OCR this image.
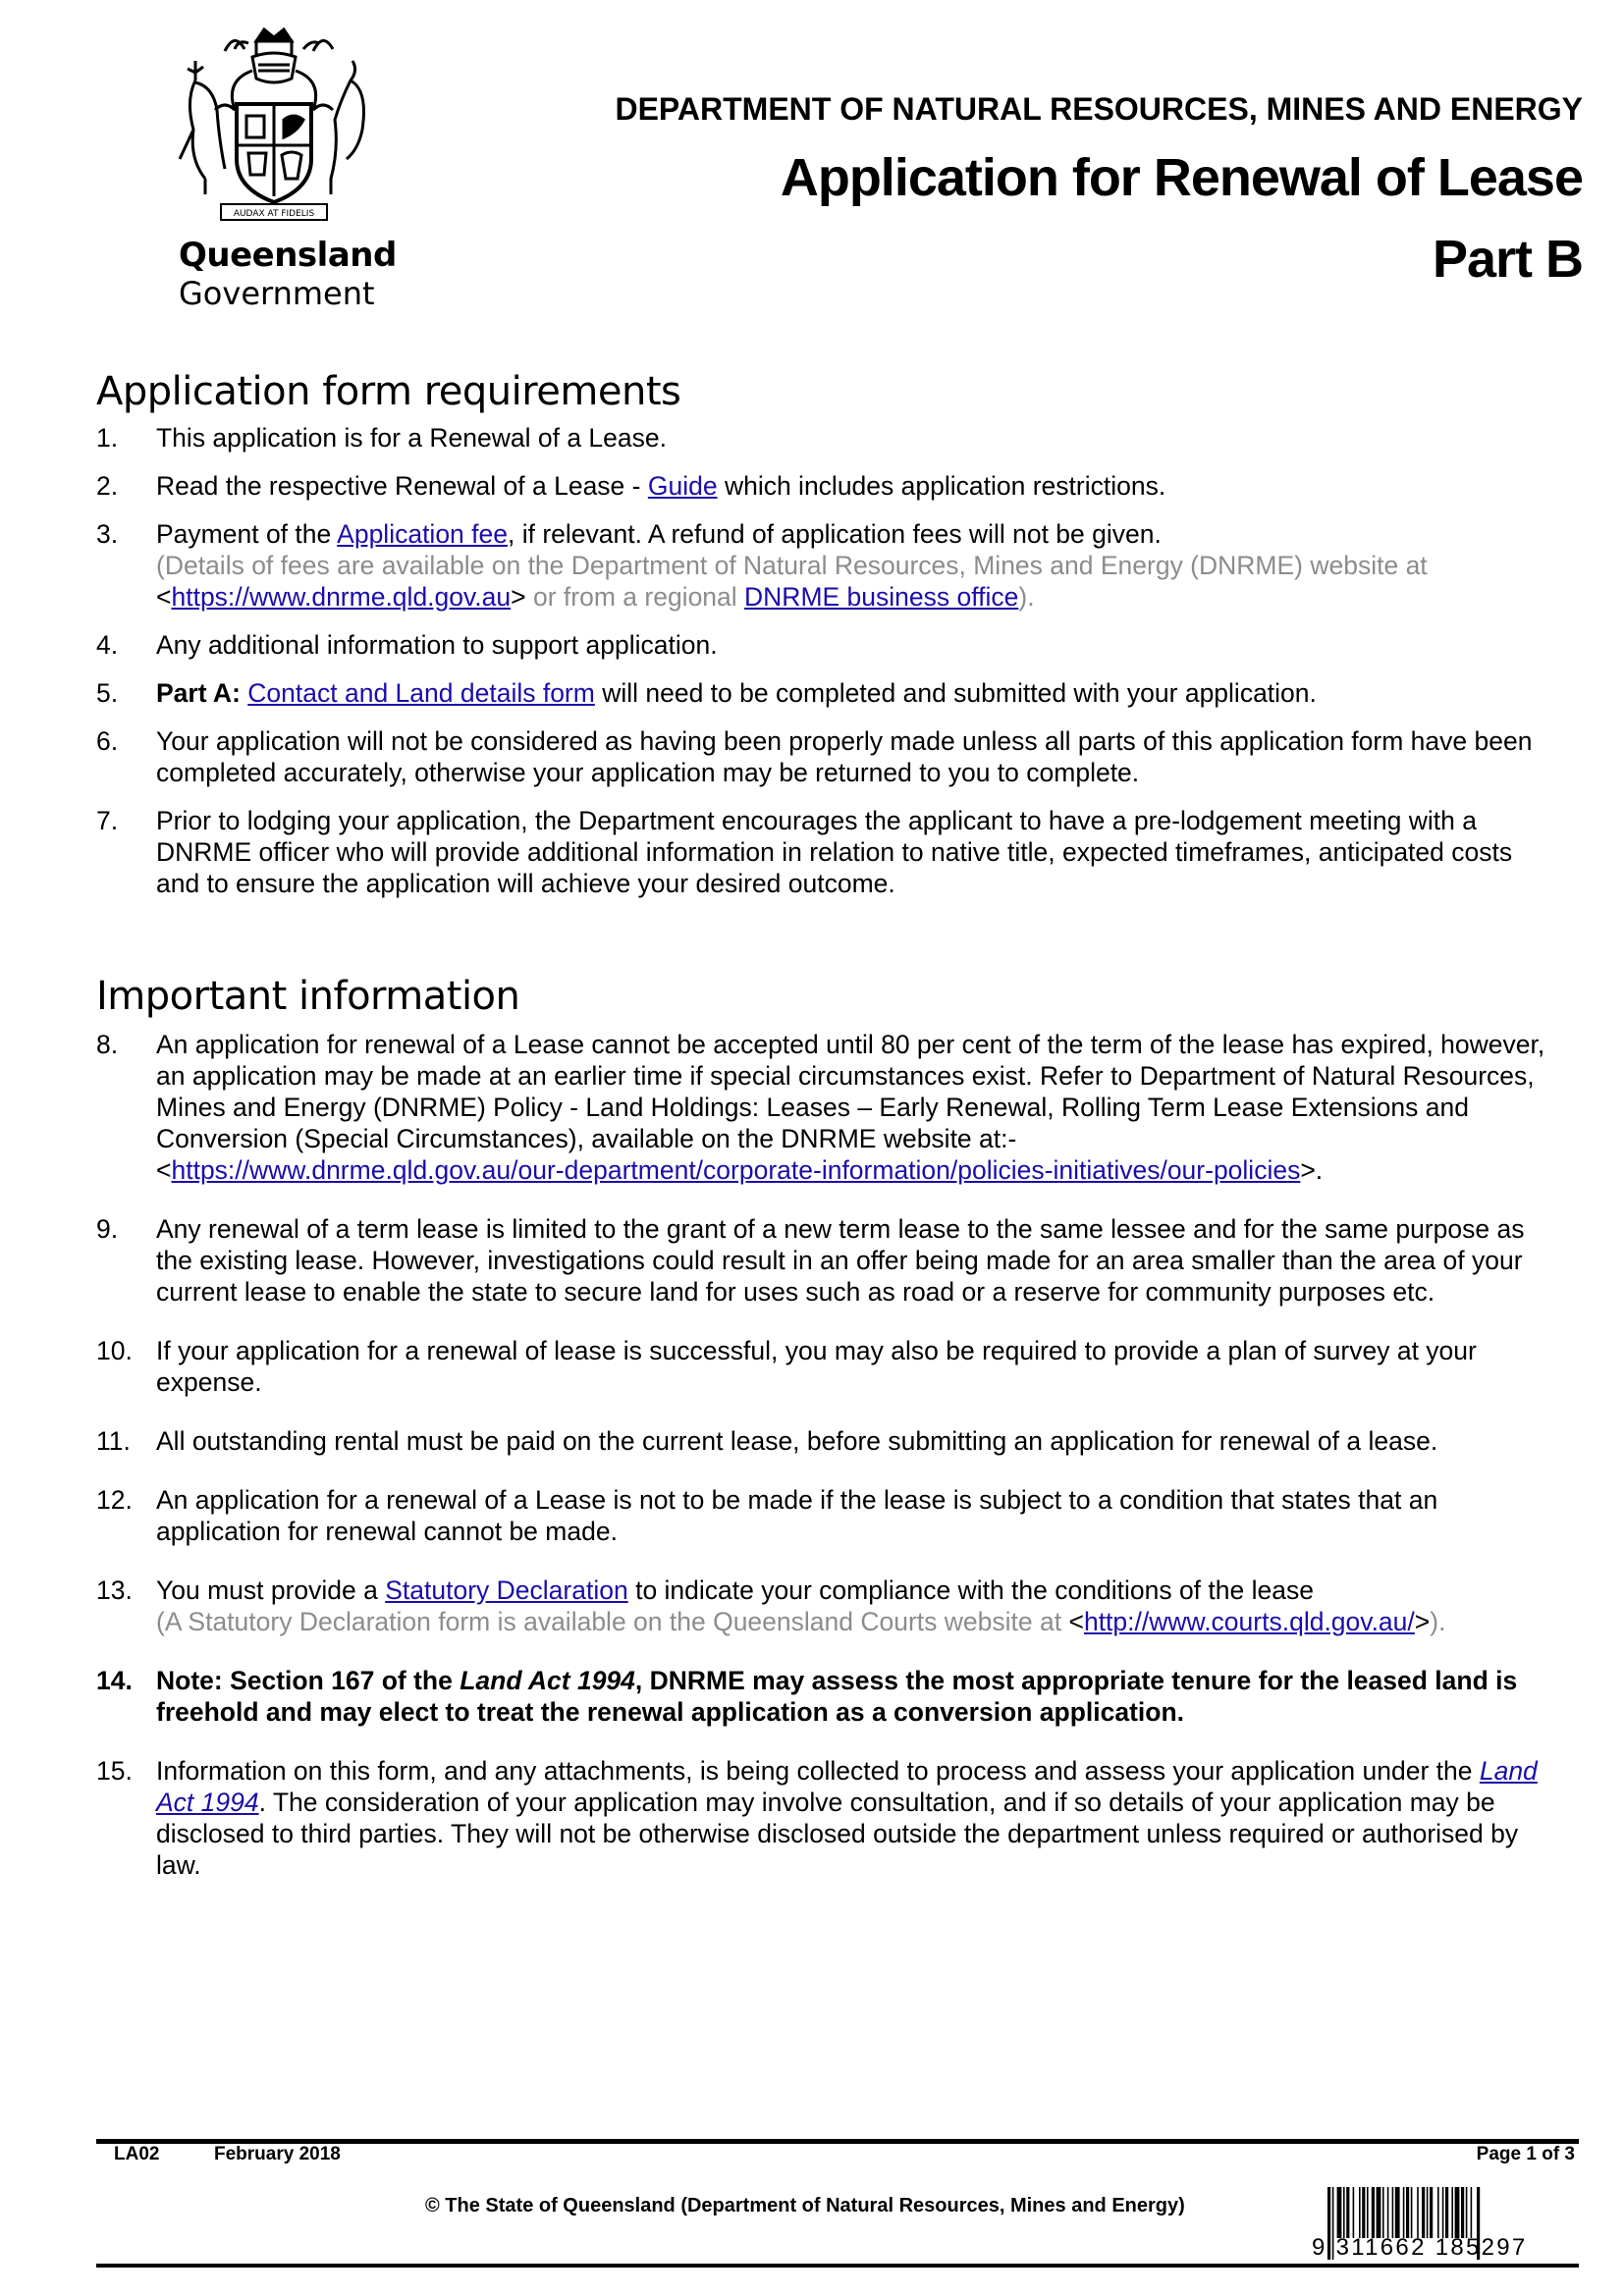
AUDAX AT FIDELIS
Queensland
Government
DEPARTMENT OF NATURAL RESOURCES, MINES AND ENERGY
Application for Renewal of Lease
Part B
Application form requirements
1. This application is for a Renewal of a Lease.
2. Read the respective Renewal of a Lease - Guide which includes application restrictions.
3. Payment of the Application fee, if relevant. A refund of application fees will not be given.
(Details of fees are available on the Department of Natural Resources, Mines and Energy (DNRME) website at
<https://www.dnrme.qld.gov.au> or from a regional DNRME business office).
4. Any additional information to support application.
5. Part A: Contact and Land details form will need to be completed and submitted with your application.
6. Your application will not be considered as having been properly made unless all parts of this application form have been completed accurately, otherwise your application may be returned to you to complete.
7. Prior to lodging your application, the Department encourages the applicant to have a pre-lodgement meeting with a DNRME officer who will provide additional information in relation to native title, expected timeframes, anticipated costs and to ensure the application will achieve your desired outcome.
Important information
8. An application for renewal of a Lease cannot be accepted until 80 per cent of the term of the lease has expired, however, an application may be made at an earlier time if special circumstances exist. Refer to Department of Natural Resources, Mines and Energy (DNRME) Policy - Land Holdings: Leases – Early Renewal, Rolling Term Lease Extensions and Conversion (Special Circumstances), available on the DNRME website at:-
<https://www.dnrme.qld.gov.au/our-department/corporate-information/policies-initiatives/our-policies>.
9. Any renewal of a term lease is limited to the grant of a new term lease to the same lessee and for the same purpose as the existing lease. However, investigations could result in an offer being made for an area smaller than the area of your current lease to enable the state to secure land for uses such as road or a reserve for community purposes etc.
10. If your application for a renewal of lease is successful, you may also be required to provide a plan of survey at your expense.
11. All outstanding rental must be paid on the current lease, before submitting an application for renewal of a lease.
12. An application for a renewal of a Lease is not to be made if the lease is subject to a condition that states that an application for renewal cannot be made.
13. You must provide a Statutory Declaration to indicate your compliance with the conditions of the lease
(A Statutory Declaration form is available on the Queensland Courts website at <http://www.courts.qld.gov.au/>).
14. Note: Section 167 of the Land Act 1994, DNRME may assess the most appropriate tenure for the leased land is freehold and may elect to treat the renewal application as a conversion application.
15. Information on this form, and any attachments, is being collected to process and assess your application under the Land Act 1994. The consideration of your application may involve consultation, and if so details of your application may be disclosed to third parties. They will not be otherwise disclosed outside the department unless required or authorised by law.
LA02	February 2018	Page 1 of 3
© The State of Queensland (Department of Natural Resources, Mines and Energy)
9 311662 185297
